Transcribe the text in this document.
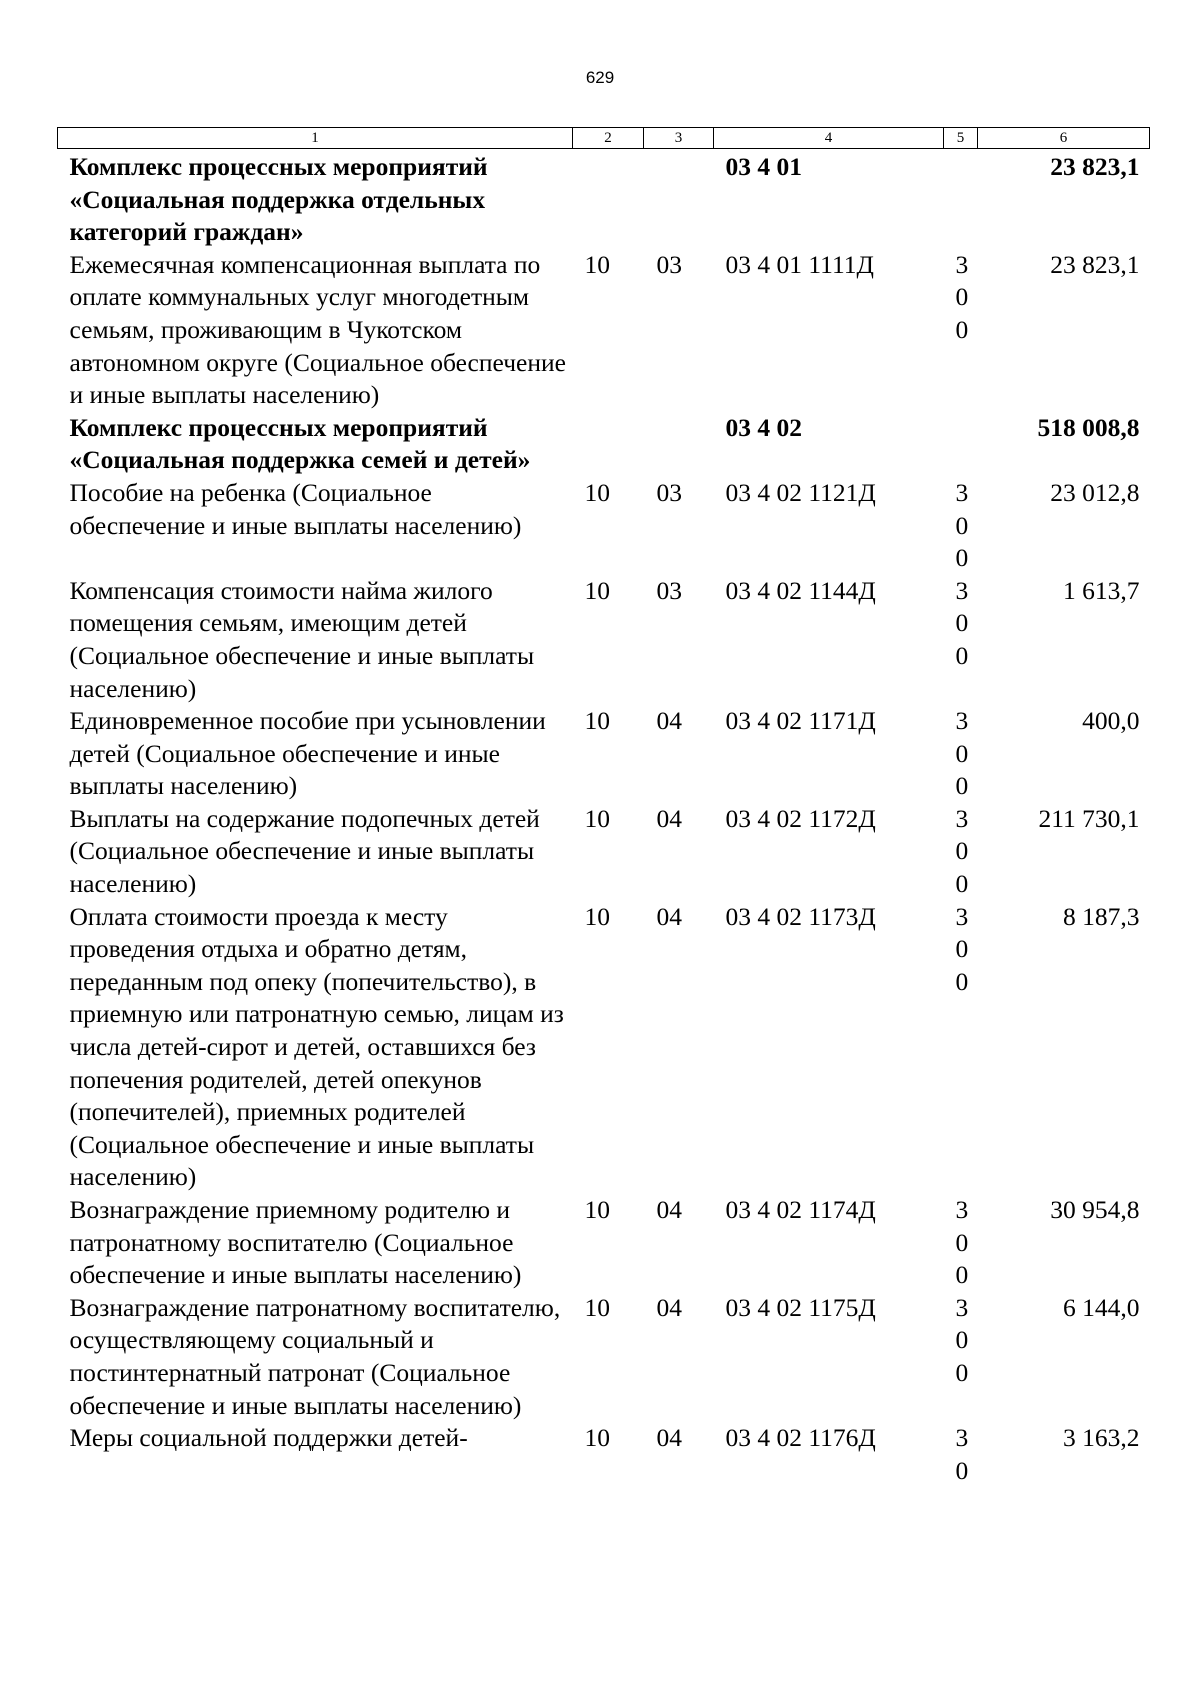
629
1	2	3	4	5	6
Комплекс процессных мероприятий «Социальная поддержка отдельных категорий граждан»			03 4 01		23 823,1
Ежемесячная компенсационная выплата по оплате коммунальных услуг многодетным семьям, проживающим в Чукотском автономном округе (Социальное обеспечение и иные выплаты населению)	10	03	03 4 01 1111Д	300	23 823,1
Комплекс процессных мероприятий «Социальная поддержка семей и детей»			03 4 02		518 008,8
Пособие на ребенка (Социальное обеспечение и иные выплаты населению)	10	03	03 4 02 1121Д	300	23 012,8
Компенсация стоимости найма жилого помещения семьям, имеющим детей (Социальное обеспечение и иные выплаты населению)	10	03	03 4 02 1144Д	300	1 613,7
Единовременное пособие при усыновлении детей (Социальное обеспечение и иные выплаты населению)	10	04	03 4 02 1171Д	300	400,0
Выплаты на содержание подопечных детей (Социальное обеспечение и иные выплаты населению)	10	04	03 4 02 1172Д	300	211 730,1
Оплата стоимости проезда к месту проведения отдыха и обратно детям, переданным под опеку (попечительство), в приемную или патронатную семью, лицам из числа детей-сирот и детей, оставшихся без попечения родителей, детей опекунов (попечителей), приемных родителей (Социальное обеспечение и иные выплаты населению)	10	04	03 4 02 1173Д	300	8 187,3
Вознаграждение приемному родителю и патронатному воспитателю (Социальное обеспечение и иные выплаты населению)	10	04	03 4 02 1174Д	300	30 954,8
Вознаграждение патронатному воспитателю, осуществляющему социальный и постинтернатный патронат (Социальное обеспечение и иные выплаты населению)	10	04	03 4 02 1175Д	300	6 144,0
Меры социальной поддержки детей-	10	04	03 4 02 1176Д	30	3 163,2
